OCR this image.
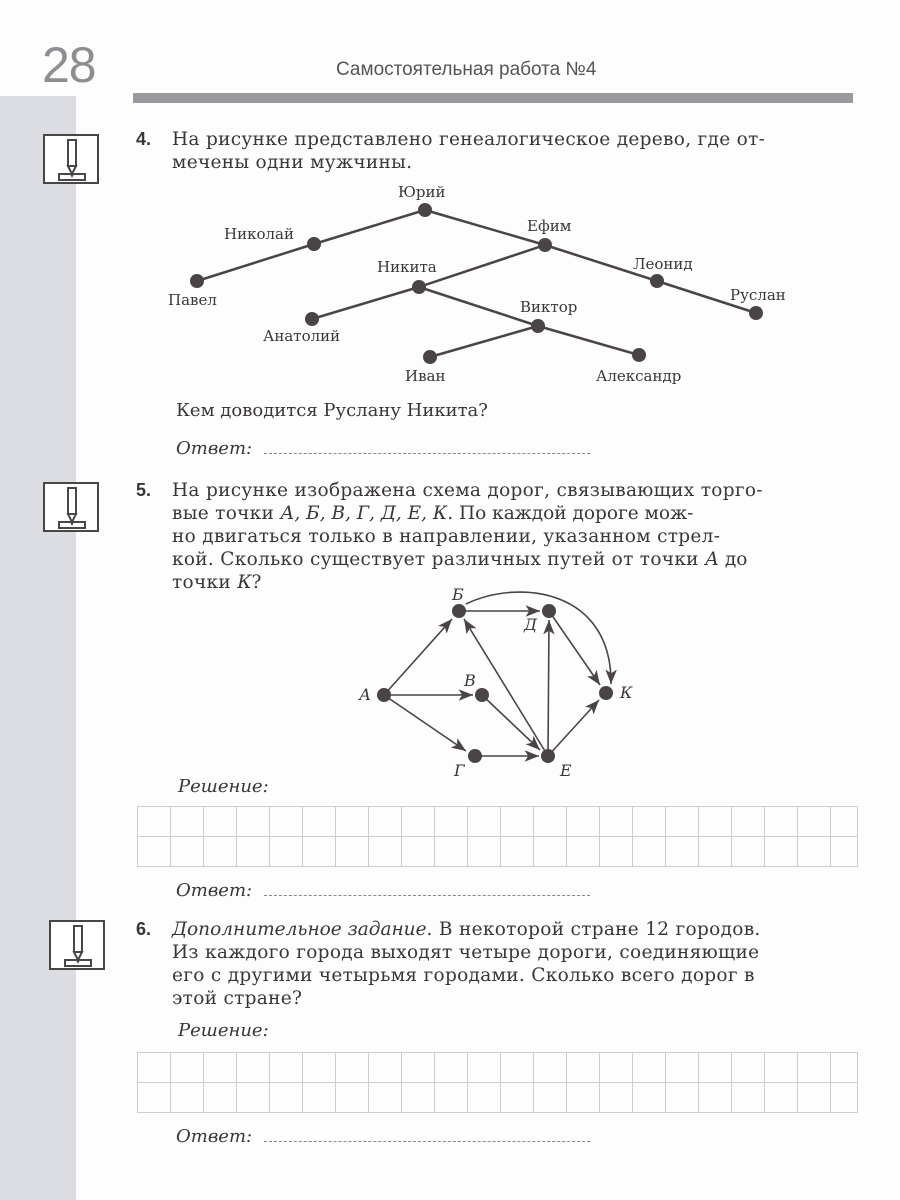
28	Самостоятельная работа №4
4. На рисунке представлено генеалогическое дерево, где от-
мечены одни мужчины.
Юрий
Николай
Павел
Ефим
Никита
Анатолий
Виктор
Иван	Александр
Леонид
Руслан
Кем доводится Руслану Никита?
Ответ:
5. На рисунке изображена схема дорог, связывающих торго-
вые точки А, Б, В, Г, Д, Е, К. По каждой дороге мож-
но двигаться только в направлении, указанном стрел-
кой. Сколько существует различных путей от точки А до
точки К?
А
Б
В
Д
Г	Е
К
Решение:
Ответ:
6. Дополнительное задание. В некоторой стране 12 городов.
Из каждого города выходят четыре дороги, соединяющие
его с другими четырьмя городами. Сколько всего дорог в
этой стране?
Решение:
Ответ:
